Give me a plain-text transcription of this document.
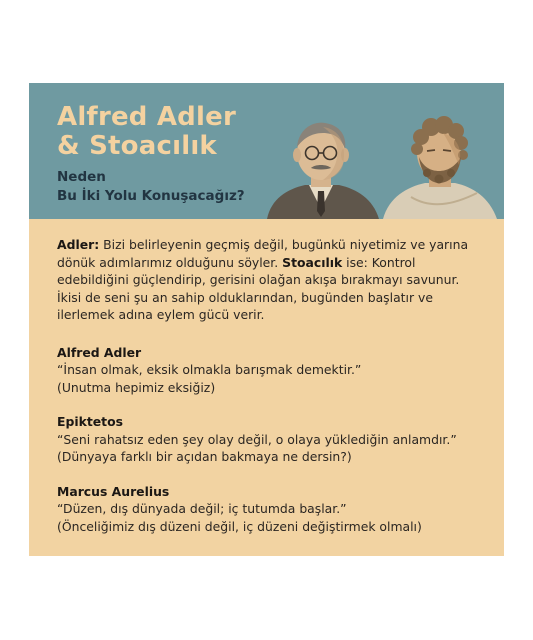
Alfred Adler
& Stoacılık
Neden
Bu İki Yolu Konuşacağız?

Adler: Bizi belirleyenin geçmiş değil, bugünkü niyetimiz ve yarına dönük adımlarımız olduğunu söyler. Stoacılık ise: Kontrol edebildiğini güçlendirip, gerisini olağan akışa bırakmayı savunur. İkisi de seni şu an sahip olduklarından, bugünden başlatır ve ilerlemek adına eylem gücü verir.

Alfred Adler
“İnsan olmak, eksik olmakla barışmak demektir.”
(Unutma hepimiz eksiğiz)
Epiktetos
“Seni rahatsız eden şey olay değil, o olaya yüklediğin anlamdır.”
(Dünyaya farklı bir açıdan bakmaya ne dersin?)
Marcus Aurelius
“Düzen, dış dünyada değil; iç tutumda başlar.”
(Önceliğimiz dış düzeni değil, iç düzeni değiştirmek olmalı)
